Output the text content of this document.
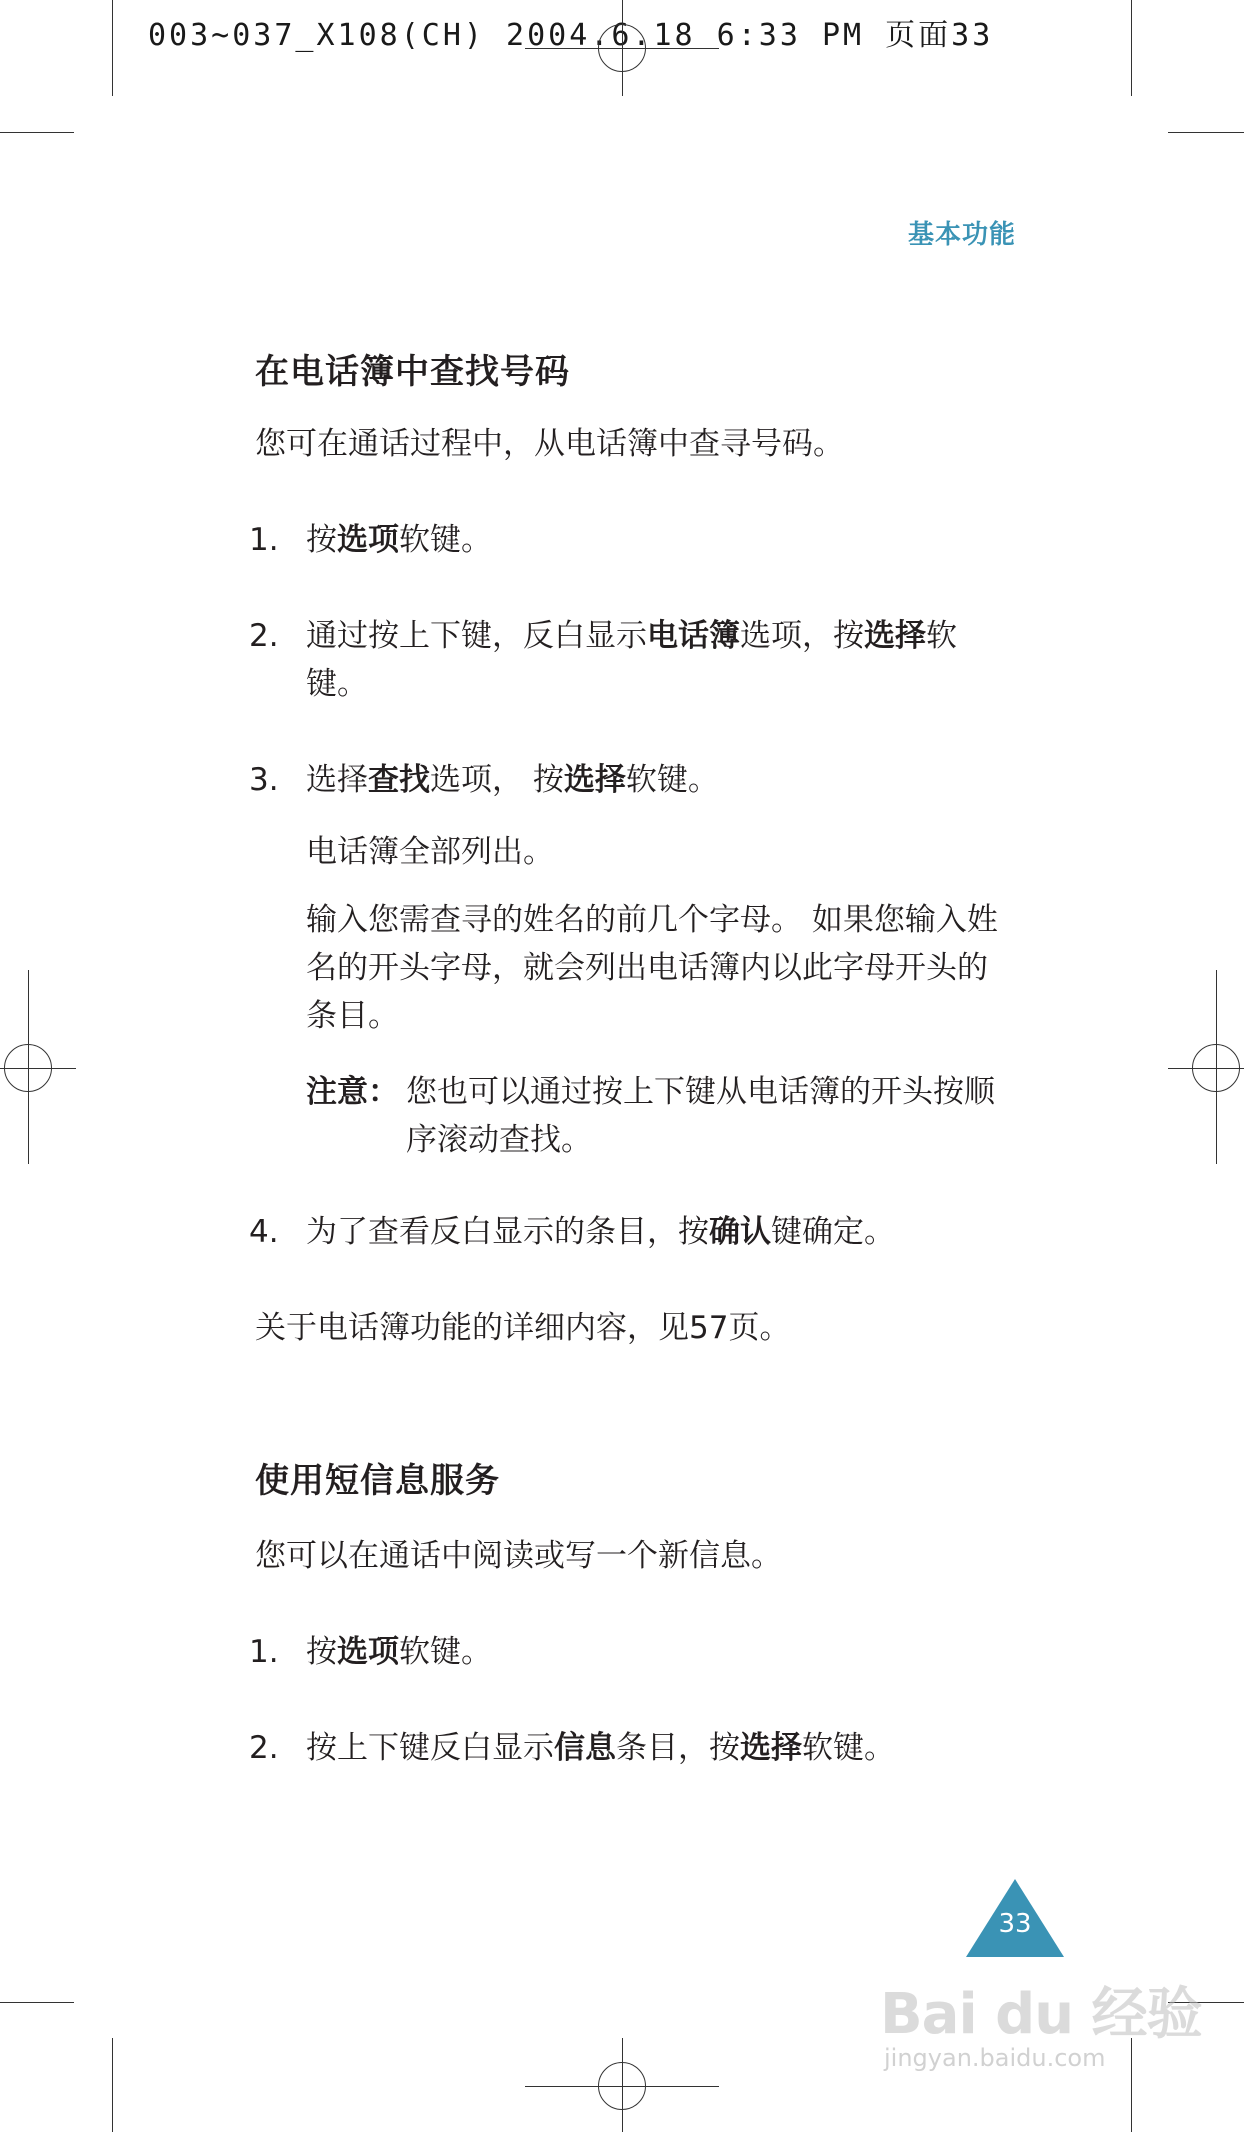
003~037_X108(CH) 2004.6.18 6:33 PM 页面33
基本功能
在电话簿中查找号码
您可在通话过程中，从电话簿中查寻号码。
1. 按选项软键。
2. 通过按上下键，反白显示电话簿选项，按选择软键。
3. 选择查找选项， 按选择软键。
电话簿全部列出。
输入您需查寻的姓名的前几个字母。 如果您输入姓名的开头字母，就会列出电话簿内以此字母开头的条目。
注意： 您也可以通过按上下键从电话簿的开头按顺序滚动查找。
4. 为了查看反白显示的条目，按确认键确定。
关于电话簿功能的详细内容，见57页。
使用短信息服务
您可以在通话中阅读或写一个新信息。
1. 按选项软键。
2. 按上下键反白显示信息条目，按选择软键。
33
Bai du 经验
jingyan.baidu.com
